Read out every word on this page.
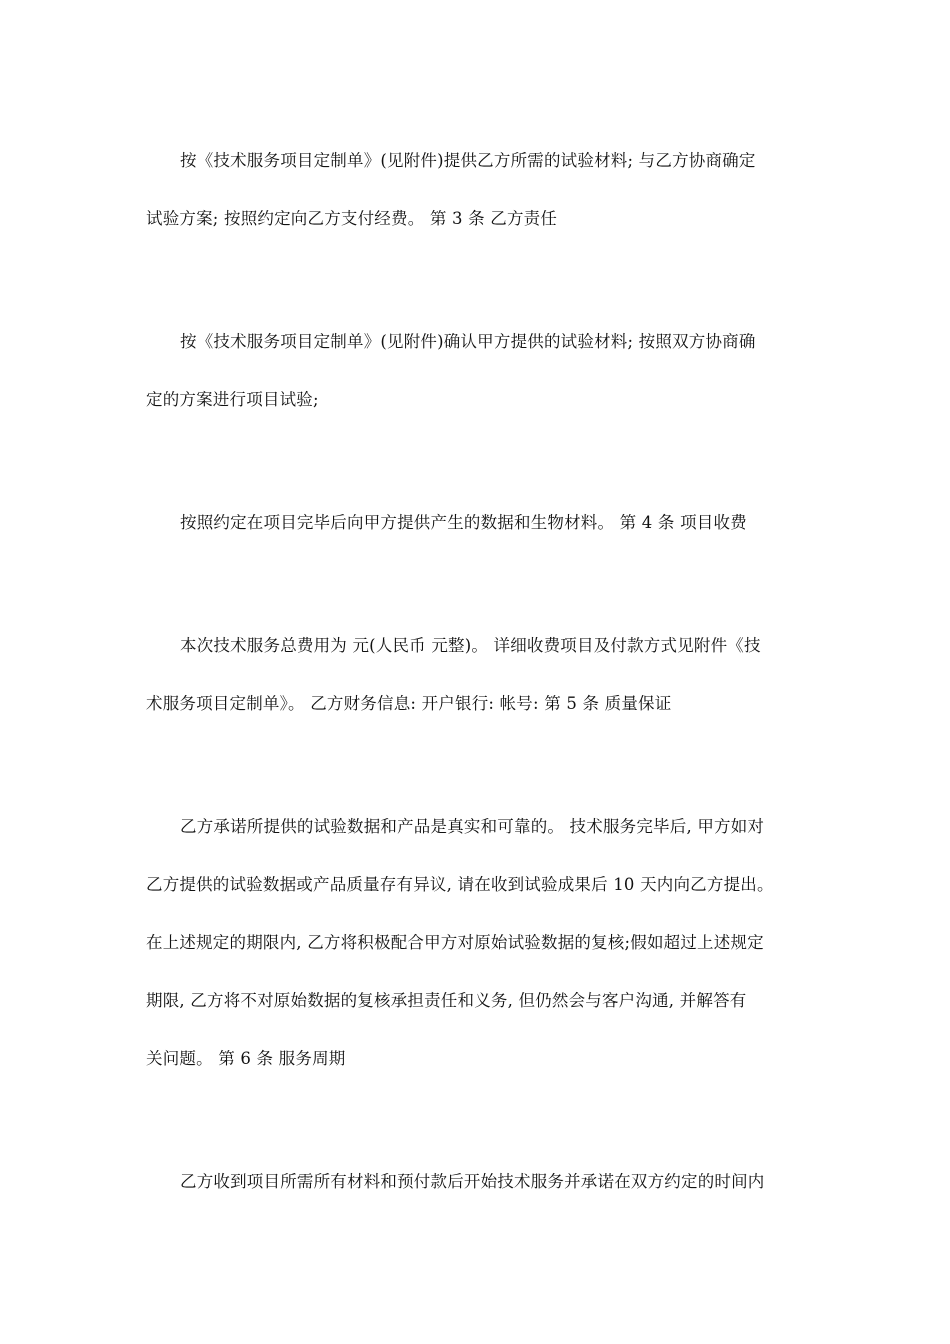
按《技术服务项目定制单》(见附件)提供乙方所需的试验材料; 与乙方协商确定
试验方案; 按照约定向乙方支付经费。 第 3 条 乙方责任
按《技术服务项目定制单》(见附件)确认甲方提供的试验材料; 按照双方协商确
定的方案进行项目试验;
按照约定在项目完毕后向甲方提供产生的数据和生物材料。 第 4 条 项目收费
本次技术服务总费用为 元(人民币 元整)。 详细收费项目及付款方式见附件《技
术服务项目定制单》。 乙方财务信息: 开户银行: 帐号: 第 5 条 质量保证
乙方承诺所提供的试验数据和产品是真实和可靠的。 技术服务完毕后, 甲方如对
乙方提供的试验数据或产品质量存有异议, 请在收到试验成果后 10 天内向乙方提出。
在上述规定的期限内, 乙方将积极配合甲方对原始试验数据的复核;假如超过上述规定
期限, 乙方将不对原始数据的复核承担责任和义务, 但仍然会与客户沟通, 并解答有
关问题。 第 6 条 服务周期
乙方收到项目所需所有材料和预付款后开始技术服务并承诺在双方约定的时间内
